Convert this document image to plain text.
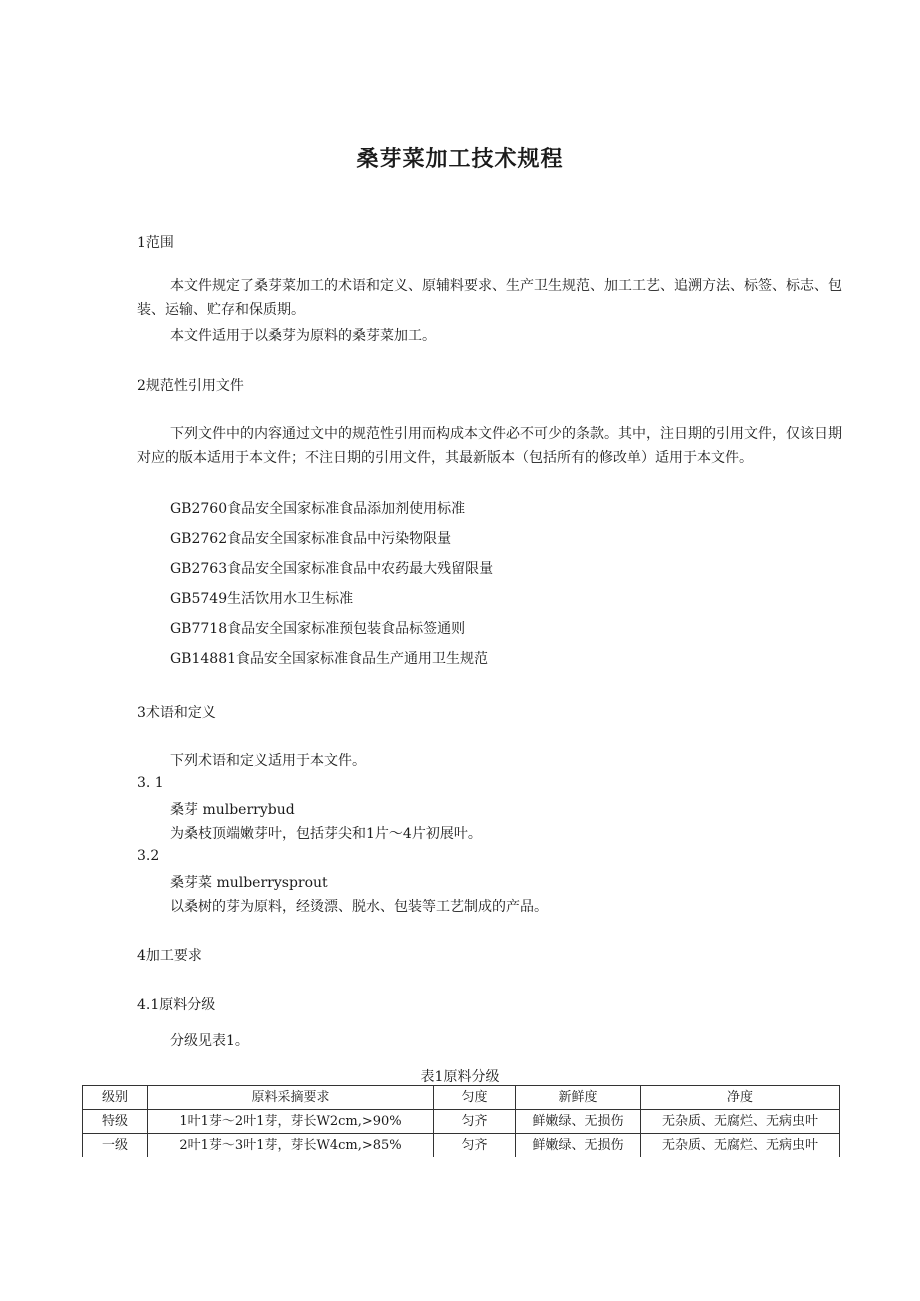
桑芽菜加工技术规程
1范围
本文件规定了桑芽菜加工的术语和定义、原辅料要求、生产卫生规范、加工工艺、追溯方法、标签、标志、包装、运输、贮存和保质期。
本文件适用于以桑芽为原料的桑芽菜加工。
2规范性引用文件
下列文件中的内容通过文中的规范性引用而构成本文件必不可少的条款。其中，注日期的引用文件，仅该日期对应的版本适用于本文件；不注日期的引用文件，其最新版本（包括所有的修改单）适用于本文件。
GB2760食品安全国家标准食品添加剂使用标准
GB2762食品安全国家标准食品中污染物限量
GB2763食品安全国家标准食品中农药最大残留限量
GB5749生活饮用水卫生标准
GB7718食品安全国家标准预包装食品标签通则
GB14881食品安全国家标准食品生产通用卫生规范
3术语和定义
下列术语和定义适用于本文件。
3. 1
桑芽 mulberrybud
为桑枝顶端嫩芽叶，包括芽尖和1片～4片初展叶。
3.2
桑芽菜 mulberrysprout
以桑树的芽为原料，经烫漂、脱水、包装等工艺制成的产品。
4加工要求
4.1原料分级
分级见表1。
表1原料分级
级别	原料采摘要求	匀度	新鲜度	净度
特级	1叶1芽～2叶1芽，芽长W2cm,>90%	匀齐	鲜嫩绿、无损伤	无杂质、无腐烂、无病虫叶
一级	2叶1芽～3叶1芽，芽长W4cm,>85%	匀齐	鲜嫩绿、无损伤	无杂质、无腐烂、无病虫叶
